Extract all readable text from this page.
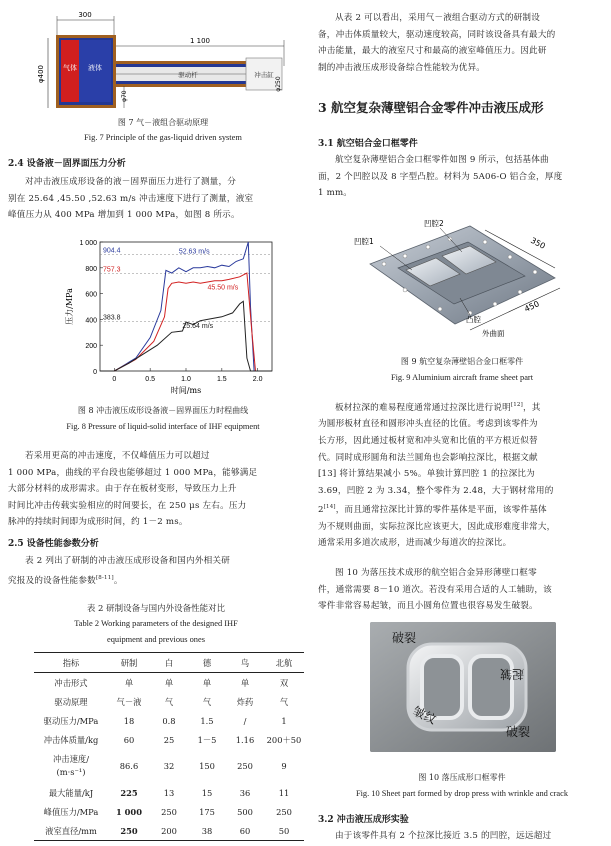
300
1 100
φ400	气体 液体
驱动杆	冲击缸
φ70
φ250
图 7 气－液组合驱动原理
Fig. 7 Principle of the gas-liquid driven system
2.4 设备液－固界面压力分析
对冲击液压成形设备的液－固界面压力进行了测量，分
别在 25.64 ,45.50 ,52.63 m/s 冲击速度下进行了测量，液室
峰值压力从 400 MPa 增加到 1 000 MPa，如图 8 所示。
0
200
400
600
800
1 000
0	0.5	1.0	1.5	2.0
904.4
757.3
383.8
52.63 m/s
45.50 m/s
25.64 m/s
时间/ms
压力/MPa
图 8 冲击液压成形设备液－固界面压力时程曲线
Fig. 8 Pressure of liquid-solid interface of IHF equipment
若采用更高的冲击速度，不仅峰值压力可以超过
1 000 MPa，曲线的平台段也能够超过 1 000 MPa，能够满足
大部分材料的成形需求。由于存在板材变形，导致压力上升
时间比冲击传载实验相应的时间要长，在 250 μs 左右。压力
脉冲的持续时间即为成形时间，约 1－2 ms。
2.5 设备性能参数分析
表 2 列出了研制的冲击液压成形设备和国内外相关研
究报及的设备性能参数[8-11]。
表 2 研制设备与国内外设备性能对比
Table 2 Working parameters of the designed IHF
equipment and previous ones
指标	研制	白	德	鸟	北航
冲击形式	单	单	单	单	双
驱动原理	气－液	气	气	炸药	气
驱动压力/MPa	18	0.8	1.5	/	1
冲击体质量/kg	60	25	1－5	1.16	200＋50
冲击速度/
(m·s⁻¹)	86.6	32	150	250	9
最大能量/kJ	225	13	15	36	11
峰值压力/MPa	1 000	250	175	500	250
液室直径/mm	250	200	38	60	50
从表 2 可以看出，采用气－液组合驱动方式的研制设
备，冲击体质量较大，驱动速度较高，同时该设备具有最大的
冲击能量，最大的液室尺寸和最高的液室峰值压力。因此研
制的冲击液压成形设备综合性能较为优异。
3 航空复杂薄壁铝合金零件冲击液压成形
3.1 航空铝合金口框零件
航空复杂薄壁铝合金口框零件如图 9 所示，包括基体曲
面，2 个凹腔以及 8 字型凸腔。材料为 5A06-O 铝合金，厚度
1 mm。
350
450
凹腔1
凹腔2
凸腔
外曲面
图 9 航空复杂薄壁铝合金口框零件
Fig. 9 Aluminium aircraft frame sheet part
板材拉深的难易程度通常通过拉深比进行说明[12]，其
为圆形板材直径和圆形冲头直径的比值。考虑到该零件为
长方形，因此通过板材宽和冲头宽和比值的平方根近似替
代。同时成形圆角和法兰圆角也会影响拉深比，根据文献
[13] 将计算结果减小 5%。单独计算凹腔 1 的拉深比为
3.69，凹腔 2 为 3.34，整个零件为 2.48，大于钢材常用的
2[14]，而且通常拉深比计算的零件基体是平面，该零件基体
为不规则曲面，实际拉深比应该更大，因此成形难度非常大，
通常采用多道次成形，进而减少每道次的拉深比。
图 10 为落压技术成形的航空铝合金异形薄壁口框零
件，通常需要 8－10 道次。若没有采用合适的人工辅助，该
零件非常容易起皱，而且小圆角位置也很容易发生破裂。
破裂
起皱
皱纹
破裂
图 10 落压成形口框零件
Fig. 10 Sheet part formed by drop press with wrinkle and crack
3.2 冲击液压成形实验
由于该零件具有 2 个拉深比接近 3.5 的凹腔，远远超过
